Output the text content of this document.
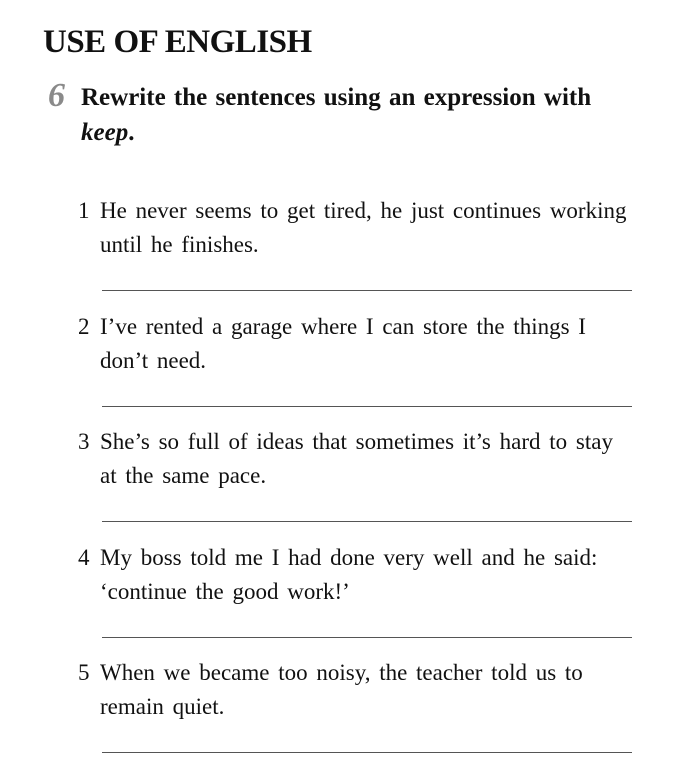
USE OF ENGLISH
6 Rewrite the sentences using an expression with keep.

1 He never seems to get tired, he just continues working until he finishes.
2 I’ve rented a garage where I can store the things I don’t need.
3 She’s so full of ideas that sometimes it’s hard to stay at the same pace.
4 My boss told me I had done very well and he said: ‘continue the good work!’
5 When we became too noisy, the teacher told us to remain quiet.
